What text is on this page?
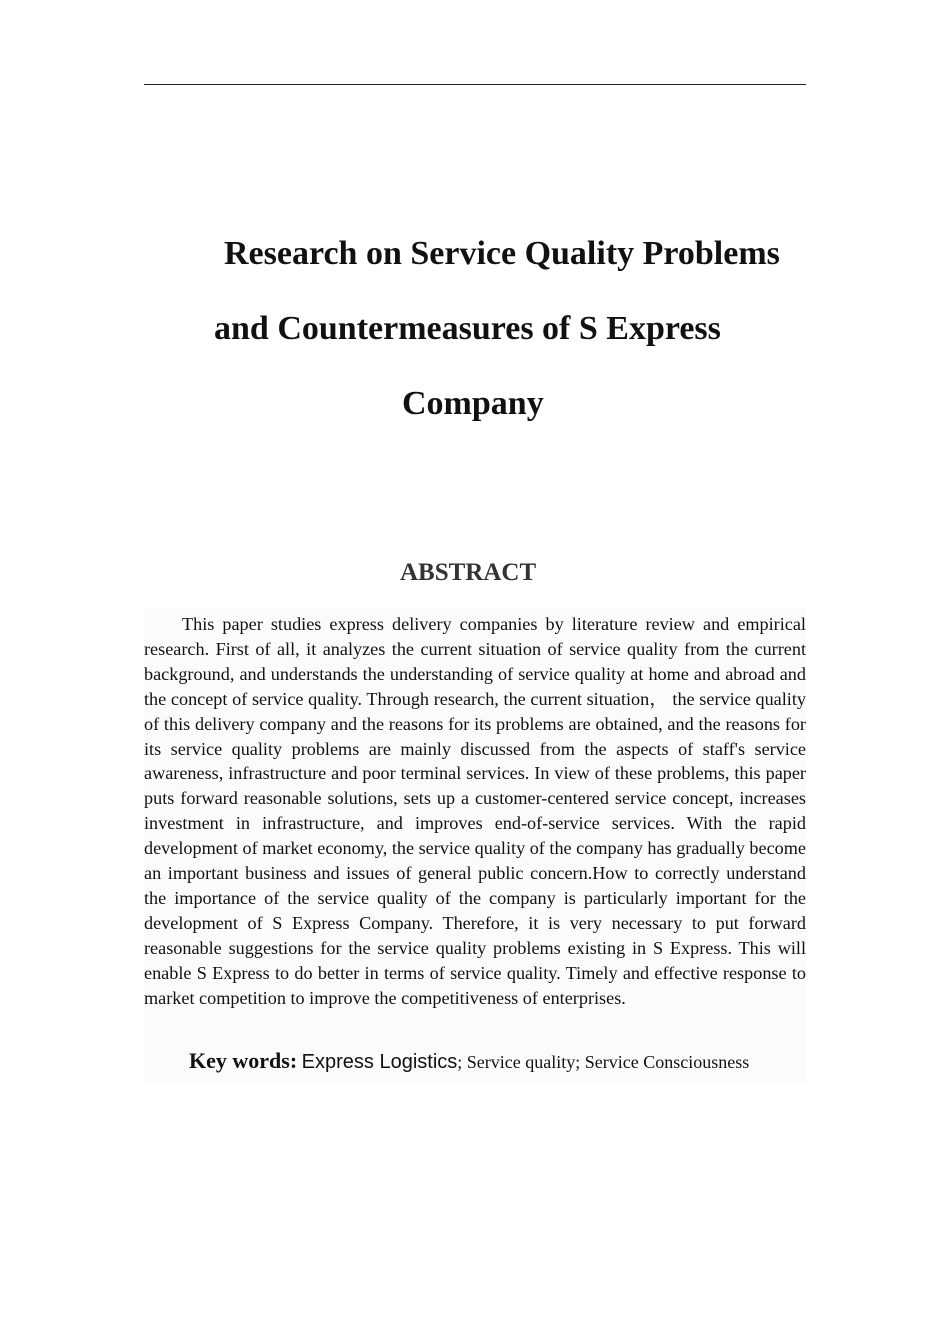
Research on Service Quality Problems
and Countermeasures of S Express
Company
ABSTRACT

This paper studies express delivery companies by literature review and empirical research. First of all, it analyzes the current situation of service quality from the current background, and understands the understanding of service quality at home and abroad and the concept of service quality. Through research, the current situation， the service quality of this delivery company and the reasons for its problems are obtained, and the reasons for its service quality problems are mainly discussed from the aspects of staff's service awareness, infrastructure and poor terminal services. In view of these problems, this paper puts forward reasonable solutions, sets up a customer-centered service concept, increases investment in infrastructure, and improves end-of-service services. With the rapid development of market economy, the service quality of the company has gradually become an important business and issues of general public concern.How to correctly understand the importance of the service quality of the company is particularly important for the development of S Express Company. Therefore, it is very necessary to put forward reasonable suggestions for the service quality problems existing in S Express. This will enable S Express to do better in terms of service quality. Timely and effective response to market competition to improve the competitiveness of enterprises.

Key words: Express Logistics; Service quality; Service Consciousness
